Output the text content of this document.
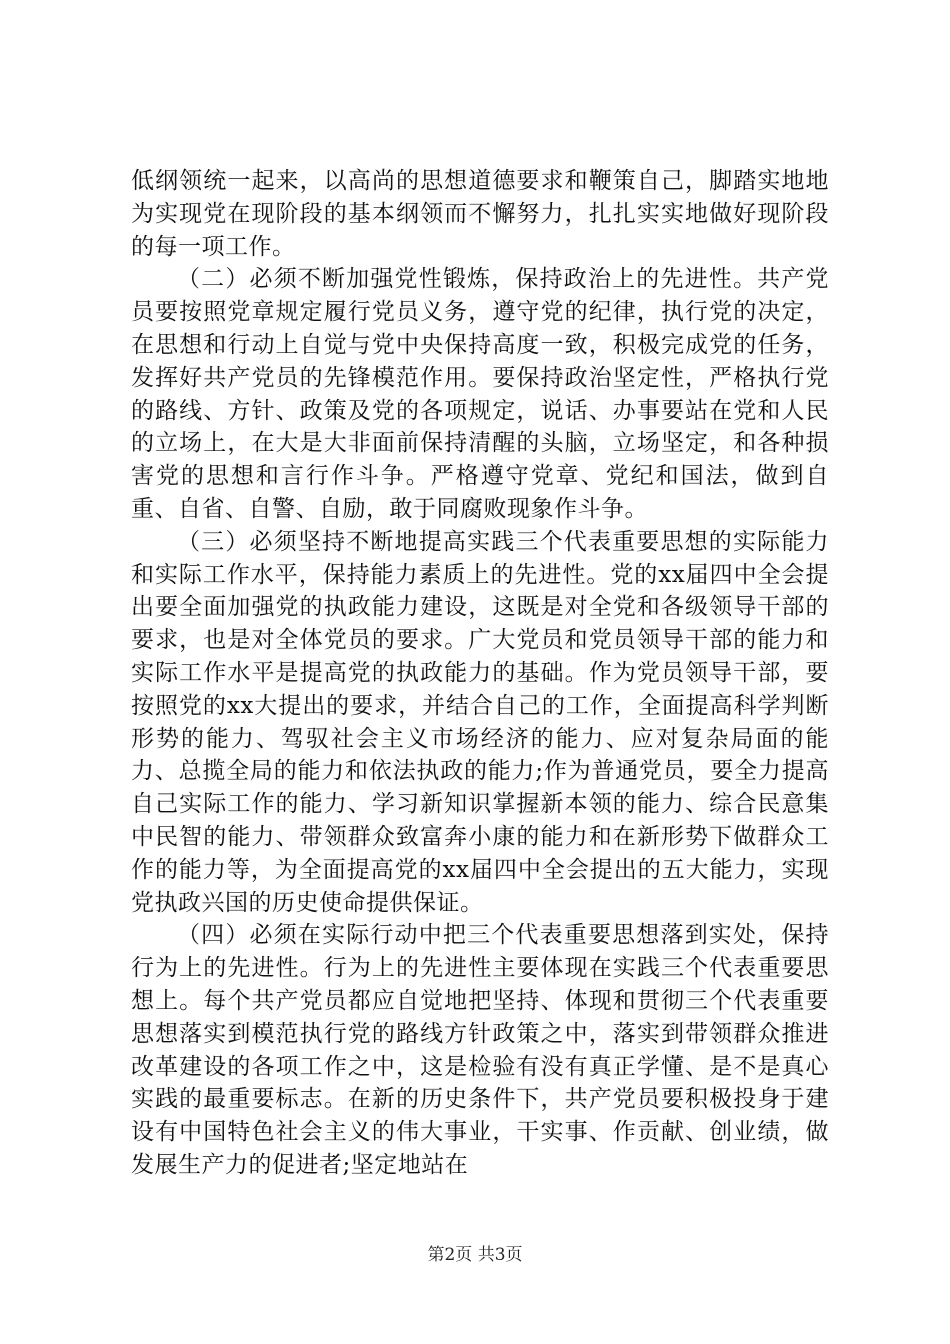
低纲领统一起来，以高尚的思想道德要求和鞭策自己，脚踏实地地为实现党在现阶段的基本纲领而不懈努力，扎扎实实地做好现阶段的每一项工作。

（二）必须不断加强党性锻炼，保持政治上的先进性。共产党员要按照党章规定履行党员义务，遵守党的纪律，执行党的决定，在思想和行动上自觉与党中央保持高度一致，积极完成党的任务，发挥好共产党员的先锋模范作用。要保持政治坚定性，严格执行党的路线、方针、政策及党的各项规定，说话、办事要站在党和人民的立场上，在大是大非面前保持清醒的头脑，立场坚定，和各种损害党的思想和言行作斗争。严格遵守党章、党纪和国法，做到自重、自省、自警、自励，敢于同腐败现象作斗争。

（三）必须坚持不断地提高实践三个代表重要思想的实际能力和实际工作水平，保持能力素质上的先进性。党的xx届四中全会提出要全面加强党的执政能力建设，这既是对全党和各级领导干部的要求，也是对全体党员的要求。广大党员和党员领导干部的能力和实际工作水平是提高党的执政能力的基础。作为党员领导干部，要按照党的xx大提出的要求，并结合自己的工作，全面提高科学判断形势的能力、驾驭社会主义市场经济的能力、应对复杂局面的能力、总揽全局的能力和依法执政的能力;作为普通党员，要全力提高自己实际工作的能力、学习新知识掌握新本领的能力、综合民意集中民智的能力、带领群众致富奔小康的能力和在新形势下做群众工作的能力等，为全面提高党的xx届四中全会提出的五大能力，实现党执政兴国的历史使命提供保证。

（四）必须在实际行动中把三个代表重要思想落到实处，保持行为上的先进性。行为上的先进性主要体现在实践三个代表重要思想上。每个共产党员都应自觉地把坚持、体现和贯彻三个代表重要思想落实到模范执行党的路线方针政策之中，落实到带领群众推进改革建设的各项工作之中，这是检验有没有真正学懂、是不是真心实践的最重要标志。在新的历史条件下，共产党员要积极投身于建设有中国特色社会主义的伟大事业，干实事、作贡献、创业绩，做发展生产力的促进者;坚定地站在

第2页 共3页
